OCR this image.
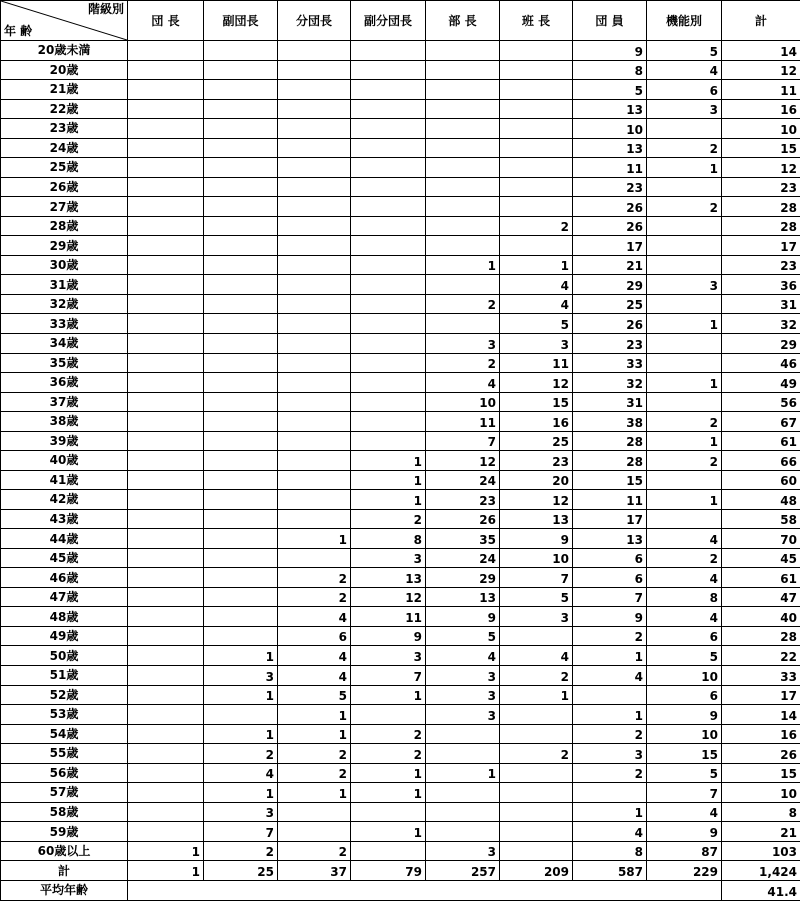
階級別
年 齢	団 長	副団長	分団長	副分団長	部 長	班 長	団 員	機能別	計
20歳未満							9	5	14
20歳							8	4	12
21歳							5	6	11
22歳							13	3	16
23歳							10		10
24歳							13	2	15
25歳							11	1	12
26歳							23		23
27歳							26	2	28
28歳						2	26		28
29歳							17		17
30歳					1	1	21		23
31歳						4	29	3	36
32歳					2	4	25		31
33歳						5	26	1	32
34歳					3	3	23		29
35歳					2	11	33		46
36歳					4	12	32	1	49
37歳					10	15	31		56
38歳					11	16	38	2	67
39歳					7	25	28	1	61
40歳				1	12	23	28	2	66
41歳				1	24	20	15		60
42歳				1	23	12	11	1	48
43歳				2	26	13	17		58
44歳			1	8	35	9	13	4	70
45歳				3	24	10	6	2	45
46歳			2	13	29	7	6	4	61
47歳			2	12	13	5	7	8	47
48歳			4	11	9	3	9	4	40
49歳			6	9	5		2	6	28
50歳		1	4	3	4	4	1	5	22
51歳		3	4	7	3	2	4	10	33
52歳		1	5	1	3	1		6	17
53歳			1		3		1	9	14
54歳		1	1	2			2	10	16
55歳		2	2	2		2	3	15	26
56歳		4	2	1	1		2	5	15
57歳		1	1	1				7	10
58歳		3					1	4	8
59歳		7		1			4	9	21
60歳以上	1	2	2		3		8	87	103
計	1	25	37	79	257	209	587	229	1,424
平均年齢									41.4
